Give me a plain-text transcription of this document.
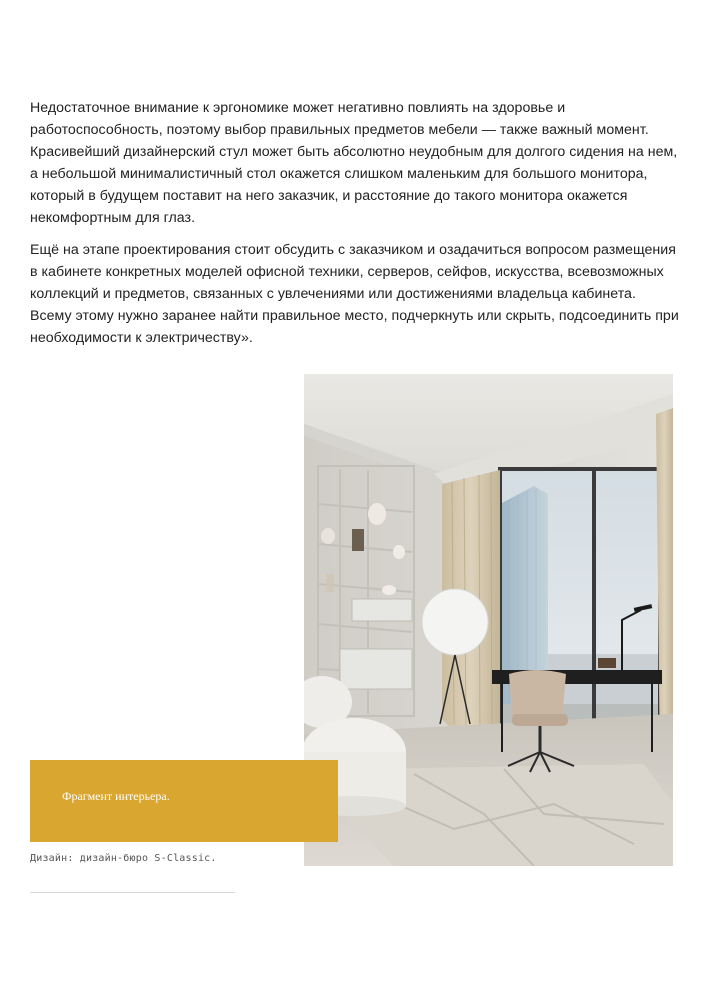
Недостаточное внимание к эргономике может негативно повлиять на здоровье и работоспособность, поэтому выбор правильных предметов мебели — также важный момент. Красивейший дизайнерский стул может быть абсолютно неудобным для долгого сидения на нем, а небольшой минималистичный стол окажется слишком маленьким для большого монитора, который в будущем поставит на него заказчик, и расстояние до такого монитора окажется некомфортным для глаз.

Ещё на этапе проектирования стоит обсудить с заказчиком и озадачиться вопросом размещения в кабинете конкретных моделей офисной техники, серверов, сейфов, искусства, всевозможных коллекций и предметов, связанных с увлечениями или достижениями владельца кабинета. Всему этому нужно заранее найти правильное место, подчеркнуть или скрыть, подсоединить при необходимости к электричеству».

Фрагмент интерьера.
Дизайн: дизайн-бюро S-Classic.
